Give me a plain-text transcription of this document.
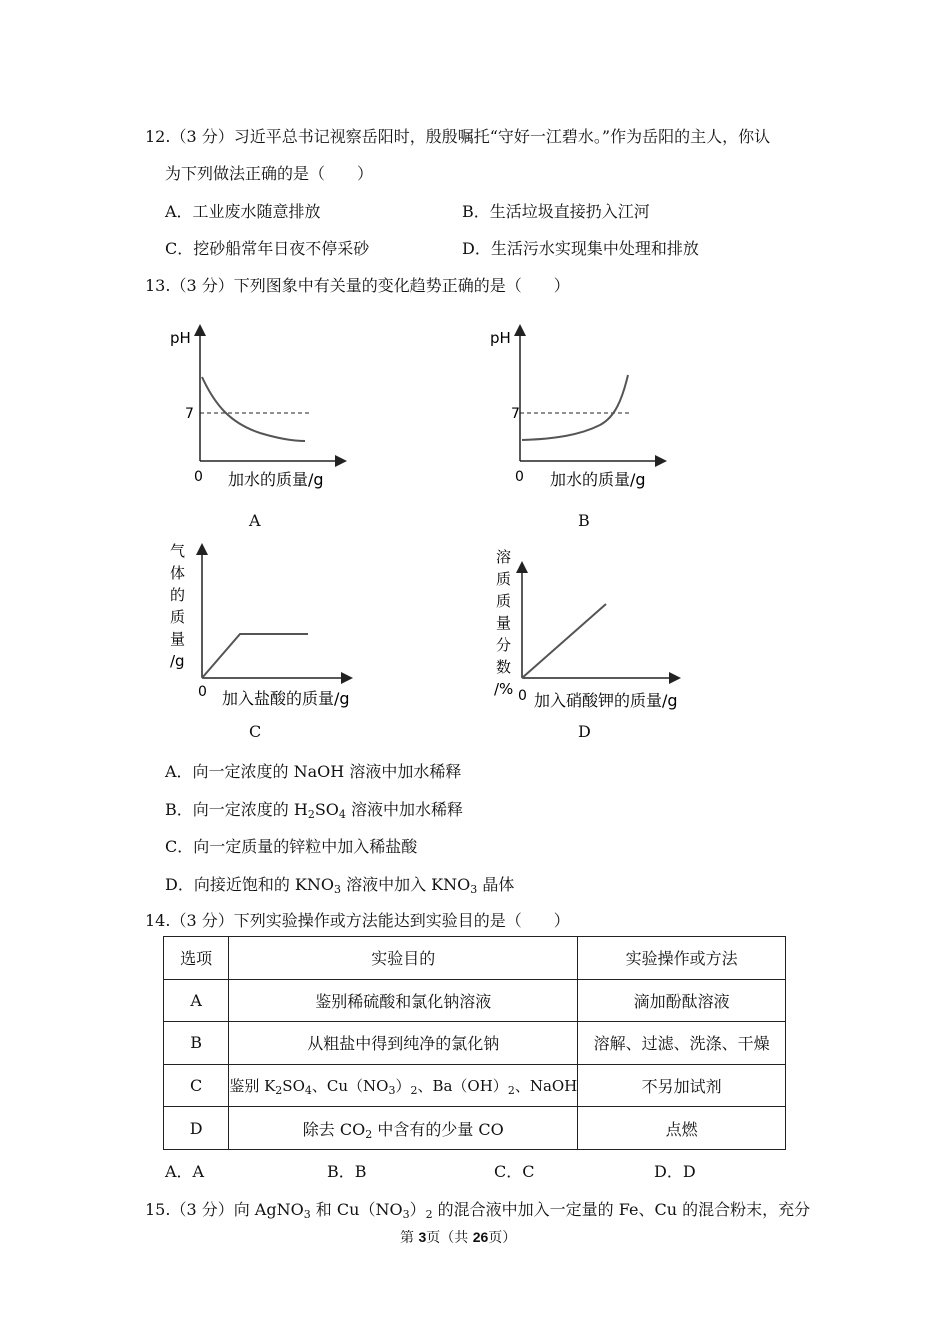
12.（3 分）习近平总书记视察岳阳时，殷殷嘱托“守好一江碧水。”作为岳阳的主人，你认
为下列做法正确的是（　　）
A．工业废水随意排放	B．生活垃圾直接扔入江河
C．挖砂船常年日夜不停采砂	D．生活污水实现集中处理和排放
13.（3 分）下列图象中有关量的变化趋势正确的是（　　）
pH
7
0 加水的质量/g
A
pH
7
0 加水的质量/g
B
气体的质量/g
0 加入盐酸的质量/g
C
溶质质量分数/% 0 加入硝酸钾的质量/g
D
A．向一定浓度的 NaOH 溶液中加水稀释
B．向一定浓度的 $H_2SO_4$ 溶液中加水稀释
C．向一定质量的锌粒中加入稀盐酸
D．向接近饱和的 $KNO_3$ 溶液中加入 $KNO_3$ 晶体
14.（3 分）下列实验操作或方法能达到实验目的是（　　）
选项	实验目的	实验操作或方法
A	鉴别稀硫酸和氯化钠溶液	滴加酚酞溶液
B	从粗盐中得到纯净的氯化钠	溶解、过滤、洗涤、干燥
C	鉴别 $K_2SO_4$、$Cu(NO_3)_2$、$Ba(OH)_2$、NaOH	不另加试剂
D	除去 $CO_2$ 中含有的少量 CO	点燃
A．A	B．B	C．C	D．D
15.（3 分）向 AgNO$_3$ 和 $Cu(NO_3)_2$ 的混合液中加入一定量的 Fe、Cu 的混合粉末，充分
第 3页（共 26页）
